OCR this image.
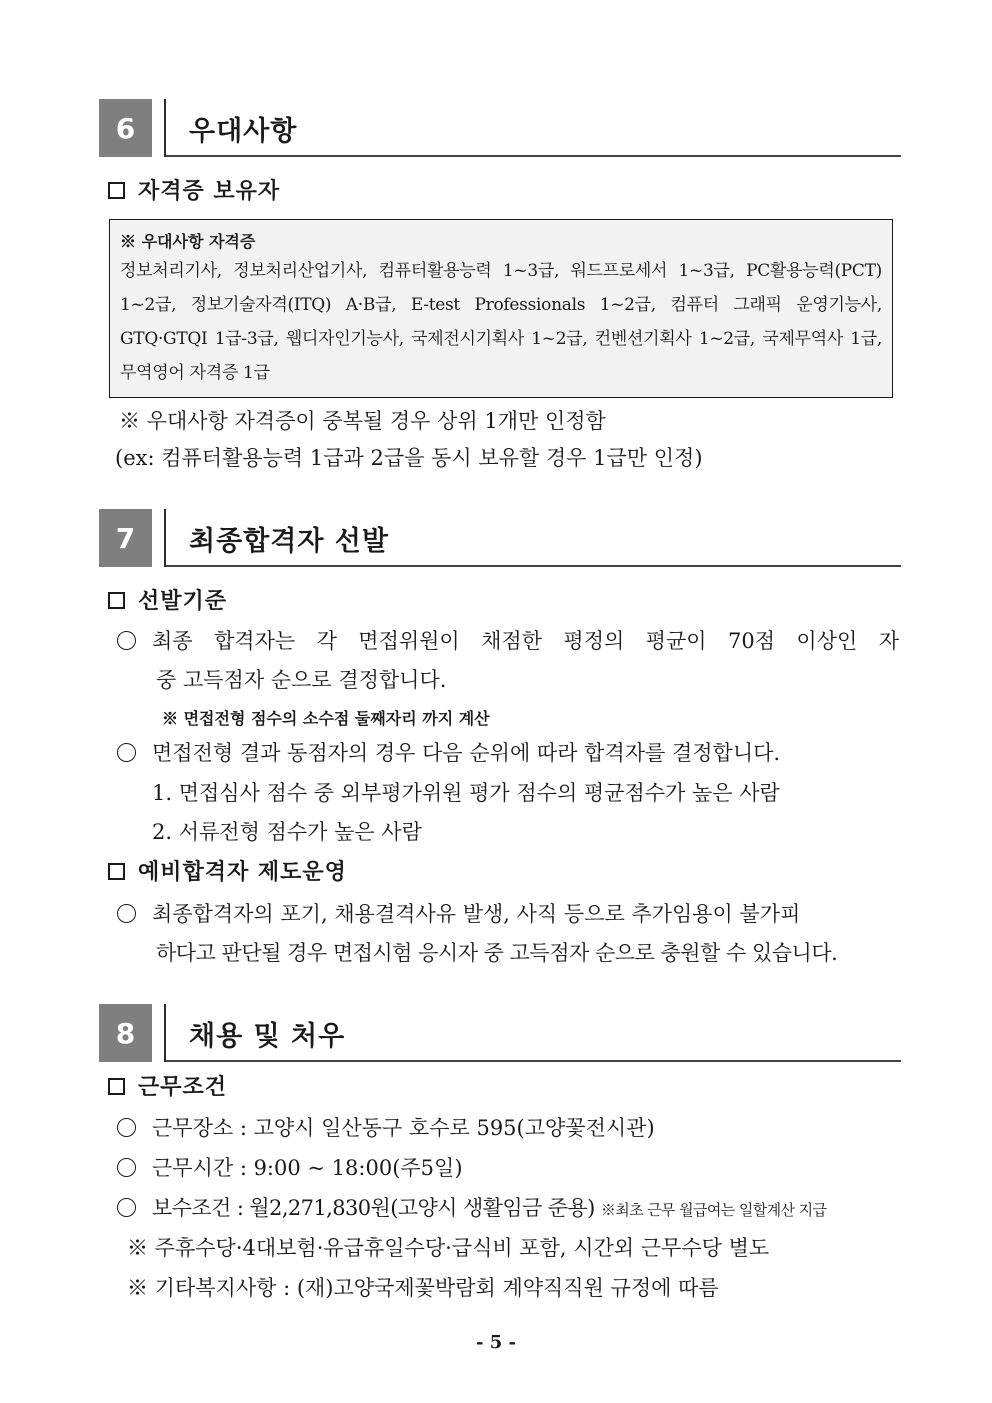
6	우대사항
자격증 보유자
※ 우대사항 자격증
정보처리기사, 정보처리산업기사, 컴퓨터활용능력 1~3급, 워드프로세서 1~3급, PC활용능력(PCT) 1~2급, 정보기술자격(ITQ) A·B급, E-test Professionals 1~2급, 컴퓨터 그래픽 운영기능사, GTQ·GTQI 1급-3급, 웹디자인기능사, 국제전시기획사 1~2급, 컨벤션기획사 1~2급, 국제무역사 1급, 무역영어 자격증 1급
※ 우대사항 자격증이 중복될 경우 상위 1개만 인정함
(ex: 컴퓨터활용능력 1급과 2급을 동시 보유할 경우 1급만 인정)
7	최종합격자 선발
선발기준
최종 합격자는 각 면접위원이 채점한 평정의 평균이 70점 이상인 자
중 고득점자 순으로 결정합니다.
※ 면접전형 점수의 소수점 둘째자리 까지 계산
면접전형 결과 동점자의 경우 다음 순위에 따라 합격자를 결정합니다.
1. 면접심사 점수 중 외부평가위원 평가 점수의 평균점수가 높은 사람
2. 서류전형 점수가 높은 사람
예비합격자 제도운영
최종합격자의 포기, 채용결격사유 발생, 사직 등으로 추가임용이 불가피
하다고 판단될 경우 면접시험 응시자 중 고득점자 순으로 충원할 수 있습니다.
8	채용 및 처우
근무조건
근무장소 : 고양시 일산동구 호수로 595(고양꽃전시관)
근무시간 : 9:00 ~ 18:00(주5일)
보수조건 : 월2,271,830원(고양시 생활임금 준용) ※최초 근무 월급여는 일할계산 지급
※ 주휴수당·4대보험·유급휴일수당·급식비 포함, 시간외 근무수당 별도
※ 기타복지사항 : (재)고양국제꽃박람회 계약직직원 규정에 따름
- 5 -
